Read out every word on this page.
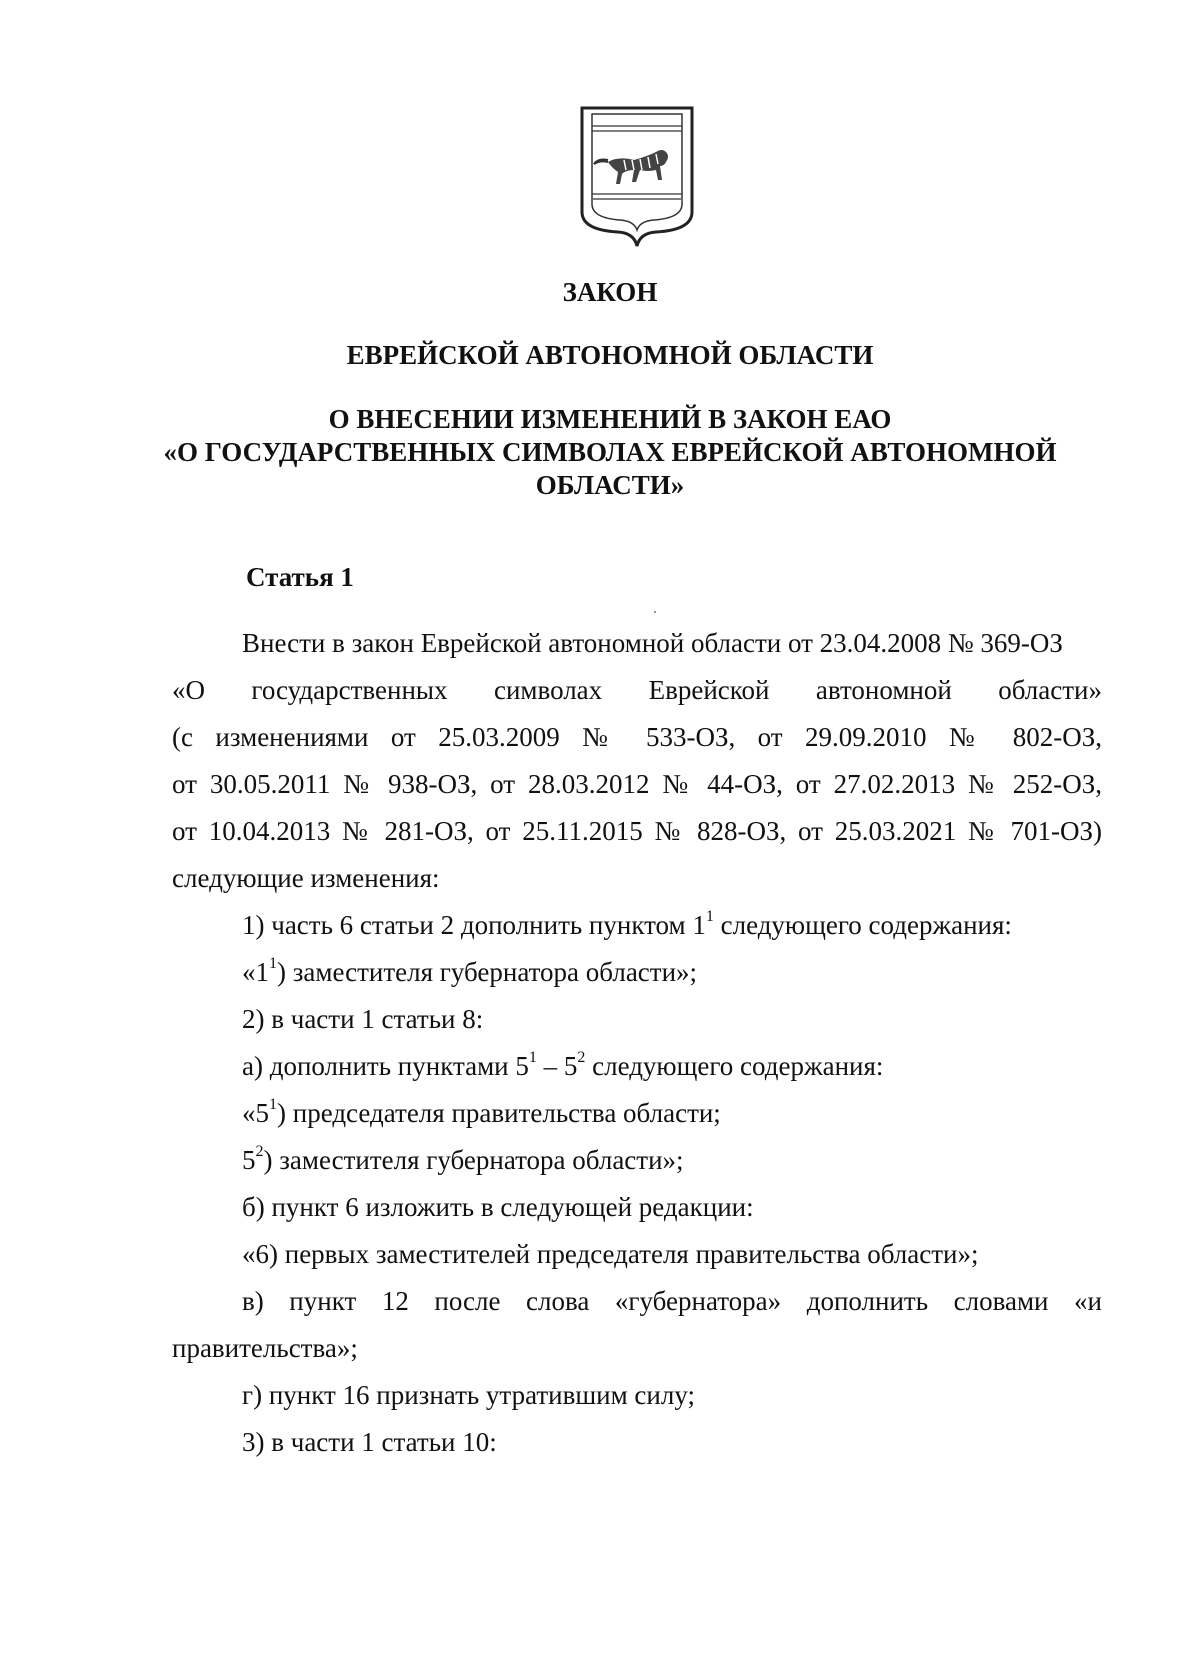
ЗАКОН
ЕВРЕЙСКОЙ АВТОНОМНОЙ ОБЛАСТИ
О ВНЕСЕНИИ ИЗМЕНЕНИЙ В ЗАКОН ЕАО
«О ГОСУДАРСТВЕННЫХ СИМВОЛАХ ЕВРЕЙСКОЙ АВТОНОМНОЙ
ОБЛАСТИ»
Статья 1
Внести в закон Еврейской автономной области от 23.04.2008 № 369-ОЗ
«О государственных символах Еврейской автономной области»
(с изменениями от 25.03.2009 № 533-ОЗ, от 29.09.2010 № 802-ОЗ,
от 30.05.2011 № 938-ОЗ, от 28.03.2012 № 44-ОЗ, от 27.02.2013 № 252-ОЗ,
от 10.04.2013 № 281-ОЗ, от 25.11.2015 № 828-ОЗ, от 25.03.2021 № 701-ОЗ)
следующие изменения:
1) часть 6 статьи 2 дополнить пунктом $1^1$ следующего содержания:
«$1^1$) заместителя губернатора области»;
2) в части 1 статьи 8:
а) дополнить пунктами $5^1 - 5^2$ следующего содержания:
«$5^1$) председателя правительства области;
$5^2$) заместителя губернатора области»;
б) пункт 6 изложить в следующей редакции:
«6) первых заместителей председателя правительства области»;
в) пункт 12 после слова «губернатора» дополнить словами «и
правительства»;
г) пункт 16 признать утратившим силу;
3) в части 1 статьи 10:
